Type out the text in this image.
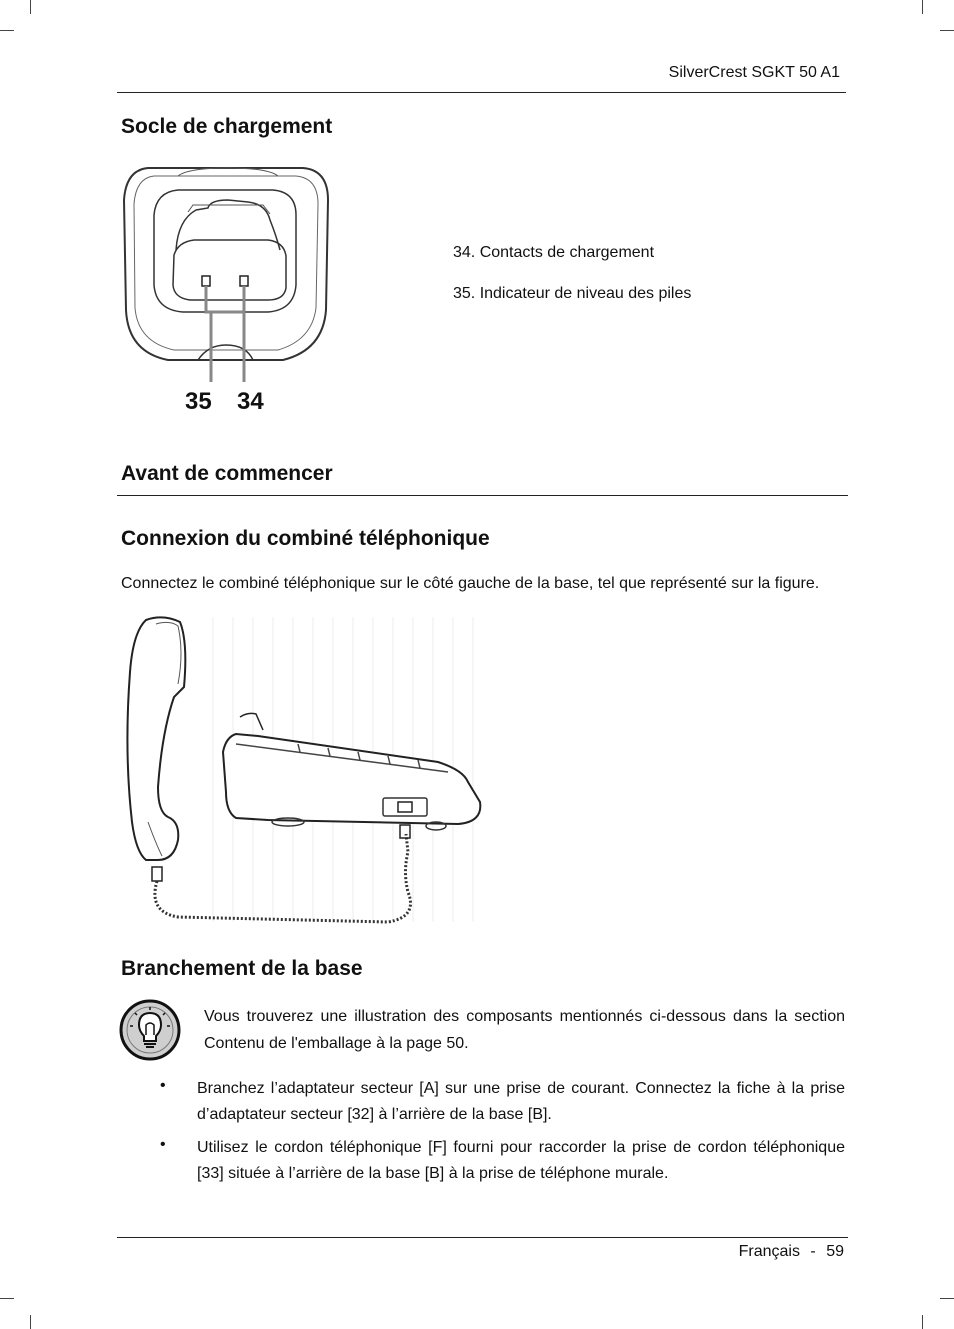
SilverCrest SGKT 50 A1
Socle de chargement
35 34
34. Contacts de chargement
35. Indicateur de niveau des piles
Avant de commencer
Connexion du combiné téléphonique
Connectez le combiné téléphonique sur le côté gauche de la base, tel que représenté sur la figure.
Branchement de la base
Vous trouverez une illustration des composants mentionnés ci-dessous dans la section Contenu de l'emballage à la page 50.
• Branchez l’adaptateur secteur [A] sur une prise de courant. Connectez la fiche à la prise d’adaptateur secteur [32] à l’arrière de la base [B].
• Utilisez le cordon téléphonique [F] fourni pour raccorder la prise de cordon téléphonique [33] située à l’arrière de la base [B] à la prise de téléphone murale.
Français - 59
